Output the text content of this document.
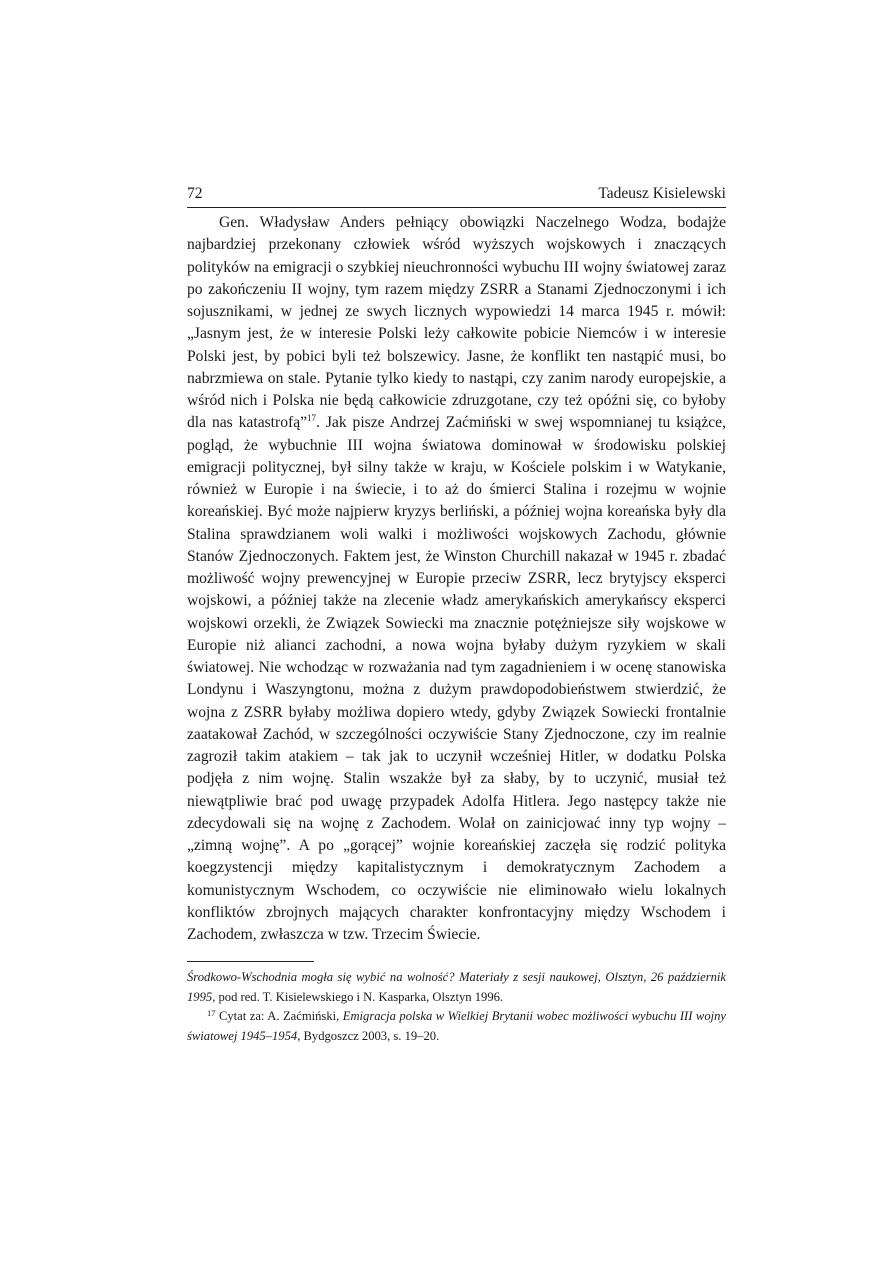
72	Tadeusz Kisielewski

Gen. Władysław Anders pełniący obowiązki Naczelnego Wodza, bodajże najbardziej przekonany człowiek wśród wyższych wojskowych i znaczących polityków na emigracji o szybkiej nieuchronności wybuchu III wojny światowej zaraz po zakończeniu II wojny, tym razem między ZSRR a Stanami Zjednoczonymi i ich sojusznikami, w jednej ze swych licznych wypowiedzi 14 marca 1945 r. mówił: „Jasnym jest, że w interesie Polski leży całkowite pobicie Niemców i w interesie Polski jest, by pobici byli też bolszewicy. Jasne, że konflikt ten nastąpić musi, bo nabrzmiewa on stale. Pytanie tylko kiedy to nastąpi, czy zanim narody europejskie, a wśród nich i Polska nie będą całkowicie zdruzgotane, czy też opóźni się, co byłoby dla nas katastrofą”$^{17}$. Jak pisze Andrzej Zaćmiński w swej wspomnianej tu książce, pogląd, że wybuchnie III wojna światowa dominował w środowisku polskiej emigracji politycznej, był silny także w kraju, w Kościele polskim i w Watykanie, również w Europie i na świecie, i to aż do śmierci Stalina i rozejmu w wojnie koreańskiej. Być może najpierw kryzys berliński, a później wojna koreańska były dla Stalina sprawdzianem woli walki i możliwości wojskowych Zachodu, głównie Stanów Zjednoczonych. Faktem jest, że Winston Churchill nakazał w 1945 r. zbadać możliwość wojny prewencyjnej w Europie przeciw ZSRR, lecz brytyjscy eksperci wojskowi, a później także na zlecenie władz amerykańskich amerykańscy eksperci wojskowi orzekli, że Związek Sowiecki ma znacznie potężniejsze siły wojskowe w Europie niż alianci zachodni, a nowa wojna byłaby dużym ryzykiem w skali światowej. Nie wchodząc w rozważania nad tym zagadnieniem i w ocenę stanowiska Londynu i Waszyngtonu, można z dużym prawdopodobieństwem stwierdzić, że wojna z ZSRR byłaby możliwa dopiero wtedy, gdyby Związek Sowiecki frontalnie zaatakował Zachód, w szczególności oczywiście Stany Zjednoczone, czy im realnie zagroził takim atakiem – tak jak to uczynił wcześniej Hitler, w dodatku Polska podjęła z nim wojnę. Stalin wszakże był za słaby, by to uczynić, musiał też niewątpliwie brać pod uwagę przypadek Adolfa Hitlera. Jego następcy także nie zdecydowali się na wojnę z Zachodem. Wolał on zainicjować inny typ wojny – „zimną wojnę”. A po „gorącej” wojnie koreańskiej zaczęła się rodzić polityka koegzystencji między kapitalistycznym i demokratycznym Zachodem a komunistycznym Wschodem, co oczywiście nie eliminowało wielu lokalnych konfliktów zbrojnych mających charakter konfrontacyjny między Wschodem i Zachodem, zwłaszcza w tzw. Trzecim Świecie.

Środkowo-Wschodnia mogła się wybić na wolność? Materiały z sesji naukowej, Olsztyn, 26 październik 1995, pod red. T. Kisielewskiego i N. Kasparka, Olsztyn 1996.

$^{17}$ Cytat za: A. Zaćmiński, Emigracja polska w Wielkiej Brytanii wobec możliwości wybuchu III wojny światowej 1945–1954, Bydgoszcz 2003, s. 19–20.
